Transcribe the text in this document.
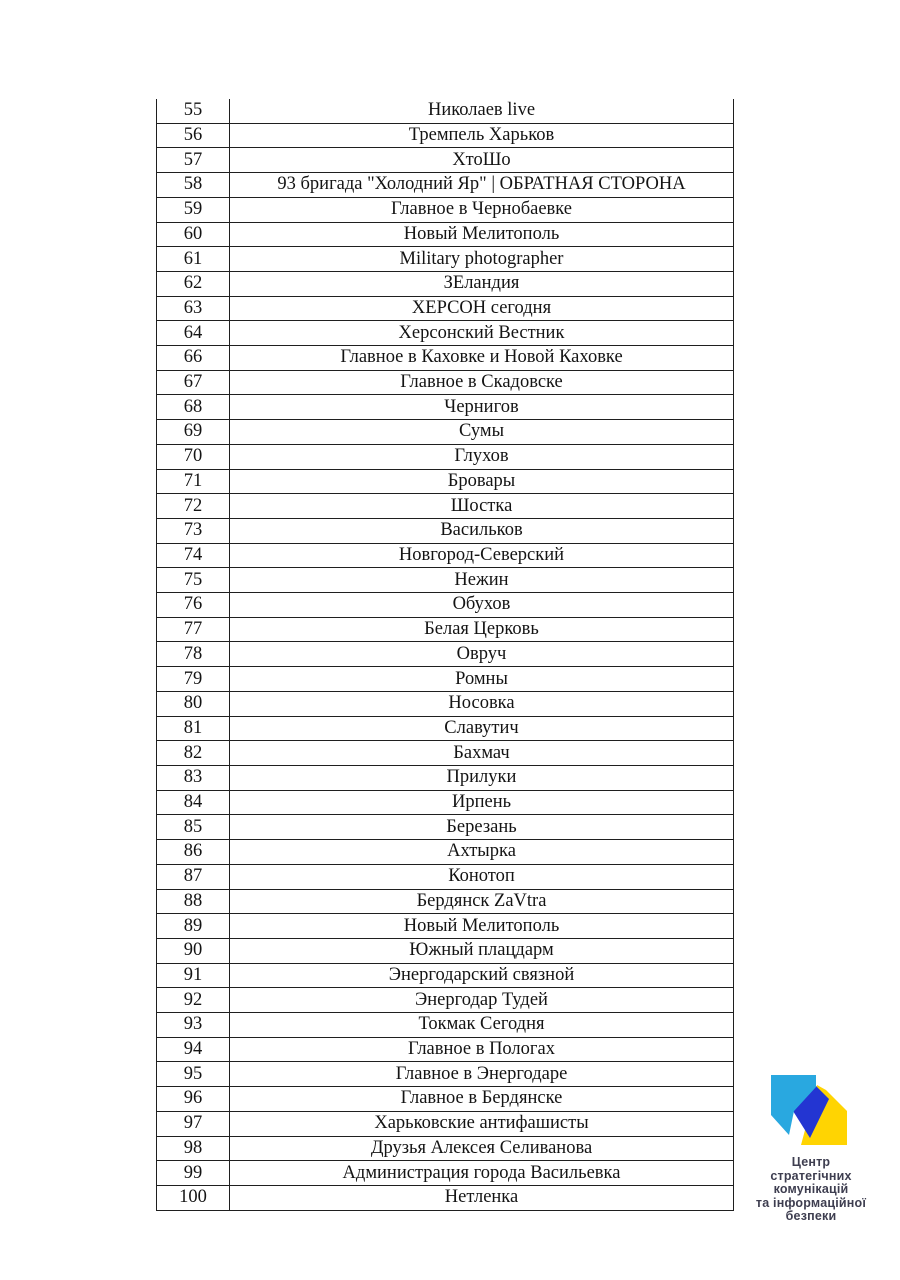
55	Николаев live
56	Тремпель Харьков
57	ХтоШо
58	93 бригада "Холодний Яр" | ОБРАТНАЯ СТОРОНА
59	Главное в Чернобаевке
60	Новый Мелитополь
61	Military photographer
62	ЗЕландия
63	ХЕРСОН сегодня
64	Херсонский Вестник
66	Главное в Каховке и Новой Каховке
67	Главное в Скадовске
68	Чернигов
69	Сумы
70	Глухов
71	Бровары
72	Шостка
73	Васильков
74	Новгород-Северский
75	Нежин
76	Обухов
77	Белая Церковь
78	Овруч
79	Ромны
80	Носовка
81	Славутич
82	Бахмач
83	Прилуки
84	Ирпень
85	Березань
86	Ахтырка
87	Конотоп
88	Бердянск ZaVtra
89	Новый Мелитополь
90	Южный плацдарм
91	Энергодарский связной
92	Энергодар Тудей
93	Токмак Сегодня
94	Главное в Пологах
95	Главное в Энергодаре
96	Главное в Бердянске
97	Харьковские антифашисты
98	Друзья Алексея Селиванова
99	Администрация города Васильевка
100	Нетленка
Центр стратегічних
комунікацій
та інформаційної
безпеки
